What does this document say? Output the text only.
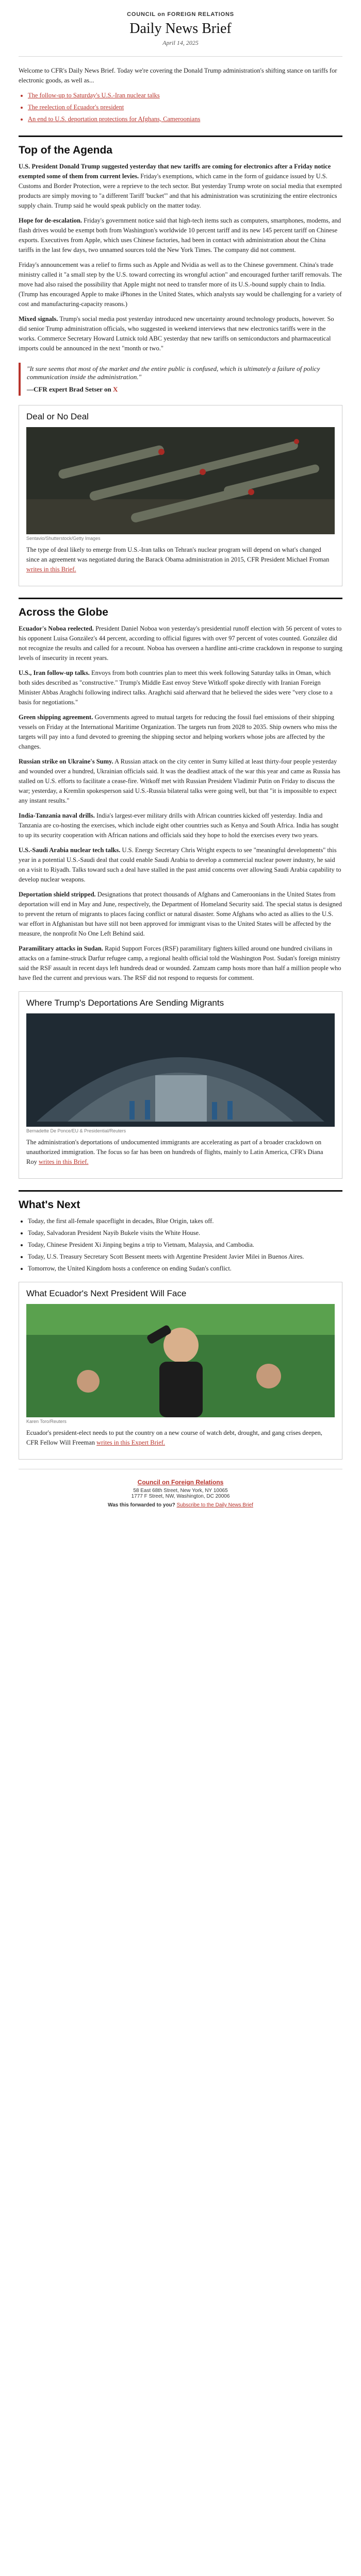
COUNCIL on FOREIGN RELATIONS
Daily News Brief
April 14, 2025

Welcome to CFR's Daily News Brief. Today we're covering the Donald Trump administration's shifting stance on tariffs for electronic goods, as well as...

• The follow-up to Saturday's U.S.-Iran nuclear talks
• The reelection of Ecuador's president
• An end to U.S. deportation protections for Afghans, Cameroonians
Top of the Agenda

U.S. President Donald Trump suggested yesterday that new tariffs are coming for electronics after a Friday notice exempted some of them from current levies. Friday's exemptions, which came in the form of guidance issued by U.S. Customs and Border Protection, were a reprieve to the tech sector. But yesterday Trump wrote on social media that exempted products are simply moving to "a different Tariff 'bucket'" and that his administration was scrutinizing the entire electronics supply chain. Trump said he would speak publicly on the matter today.

Hope for de-escalation. Friday's government notice said that high-tech items such as computers, smartphones, modems, and flash drives would be exempt both from Washington's worldwide 10 percent tariff and its new 145 percent tariff on Chinese exports. Executives from Apple, which uses Chinese factories, had been in contact with administration about the China tariffs in the last few days, two unnamed sources told the New York Times. The company did not comment.

Friday's announcement was a relief to firms such as Apple and Nvidia as well as to the Chinese government. China's trade ministry called it "a small step by the U.S. toward correcting its wrongful action" and encouraged further tariff removals. The move had also raised the possibility that Apple might not need to transfer more of its U.S.-bound supply chain to India. (Trump has encouraged Apple to make iPhones in the United States, which analysts say would be challenging for a variety of cost and manufacturing-capacity reasons.)

Mixed signals. Trump's social media post yesterday introduced new uncertainty around technology products, however. So did senior Trump administration officials, who suggested in weekend interviews that new electronics tariffs were in the works. Commerce Secretary Howard Lutnick told ABC yesterday that new tariffs on semiconductors and pharmaceutical imports could be announced in the next "month or two."

"It sure seems that most of the market and the entire public is confused, which is ultimately a failure of policy communication inside the administration."
—CFR expert Brad Setser on X
Deal or No Deal
Sentavio/Shutterstock/Getty Images

The type of deal likely to emerge from U.S.-Iran talks on Tehran's nuclear program will depend on what's changed since an agreement was negotiated during the Barack Obama administration in 2015, CFR President Michael Froman writes in this Brief.

Across the Globe

Ecuador's Noboa reelected. President Daniel Noboa won yesterday's presidential runoff election with 56 percent of votes to his opponent Luisa González's 44 percent, according to official figures with over 97 percent of votes counted. González did not recognize the results and called for a recount. Noboa has overseen a hardline anti-crime crackdown in response to surging levels of insecurity in recent years.

U.S., Iran follow-up talks. Envoys from both countries plan to meet this week following Saturday talks in Oman, which both sides described as "constructive." Trump's Middle East envoy Steve Witkoff spoke directly with Iranian Foreign Minister Abbas Araghchi following indirect talks. Araghchi said afterward that he believed the sides were "very close to a basis for negotiations."

Green shipping agreement. Governments agreed to mutual targets for reducing the fossil fuel emissions of their shipping vessels on Friday at the International Maritime Organization. The targets run from 2028 to 2035. Ship owners who miss the targets will pay into a fund devoted to greening the shipping sector and helping workers whose jobs are affected by the changes.

Russian strike on Ukraine's Sumy. A Russian attack on the city center in Sumy killed at least thirty-four people yesterday and wounded over a hundred, Ukrainian officials said. It was the deadliest attack of the war this year and came as Russia has stalled on U.S. efforts to facilitate a cease-fire. Witkoff met with Russian President Vladimir Putin on Friday to discuss the war; yesterday, a Kremlin spokesperson said U.S.-Russia bilateral talks were going well, but that "it is impossible to expect any instant results."

India-Tanzania naval drills. India's largest-ever military drills with African countries kicked off yesterday. India and Tanzania are co-hosting the exercises, which include eight other countries such as Kenya and South Africa. India has sought to up its security cooperation with African nations and officials said they hope to hold the exercises every two years.

U.S.-Saudi Arabia nuclear tech talks. U.S. Energy Secretary Chris Wright expects to see "meaningful developments" this year in a potential U.S.-Saudi deal that could enable Saudi Arabia to develop a commercial nuclear power industry, he said on a visit to Riyadh. Talks toward such a deal have stalled in the past amid concerns over allowing Saudi Arabia capability to develop nuclear weapons.

Deportation shield stripped. Designations that protect thousands of Afghans and Cameroonians in the United States from deportation will end in May and June, respectively, the Department of Homeland Security said. The special status is designed to prevent the return of migrants to places facing conflict or natural disaster. Some Afghans who acted as allies to the U.S. war effort in Afghanistan but have still not been approved for immigrant visas to the United States will be affected by the measure, the nonprofit No One Left Behind said.

Paramilitary attacks in Sudan. Rapid Support Forces (RSF) paramilitary fighters killed around one hundred civilians in attacks on a famine-struck Darfur refugee camp, a regional health official told the Washington Post. Sudan's foreign ministry said the RSF assault in recent days left hundreds dead or wounded. Zamzam camp hosts more than half a million people who have fled the current and previous wars. The RSF did not respond to requests for comment.

Where Trump's Deportations Are Sending Migrants
Bernadette De Ponce/EU & Presidential/Reuters

The administration's deportations of undocumented immigrants are accelerating as part of a broader crackdown on unauthorized immigration. The focus so far has been on hundreds of flights, mainly to Latin America, CFR's Diana Roy writes in this Brief.

What's Next
• Today, the first all-female spaceflight in decades, Blue Origin, takes off.
• Today, Salvadoran President Nayib Bukele visits the White House.
• Today, Chinese President Xi Jinping begins a trip to Vietnam, Malaysia, and Cambodia.
• Today, U.S. Treasury Secretary Scott Bessent meets with Argentine President Javier Milei in Buenos Aires.
• Tomorrow, the United Kingdom hosts a conference on ending Sudan's conflict.
What Ecuador's Next President Will Face
Karen Toro/Reuters

Ecuador's president-elect needs to put the country on a new course of watch debt, drought, and gang crises deepen, CFR Fellow Will Freeman writes in this Expert Brief.

Council on Foreign Relations
58 East 68th Street, New York, NY 10065
1777 F Street, NW, Washington, DC 20006
Was this forwarded to you? Subscribe to the Daily News Brief
